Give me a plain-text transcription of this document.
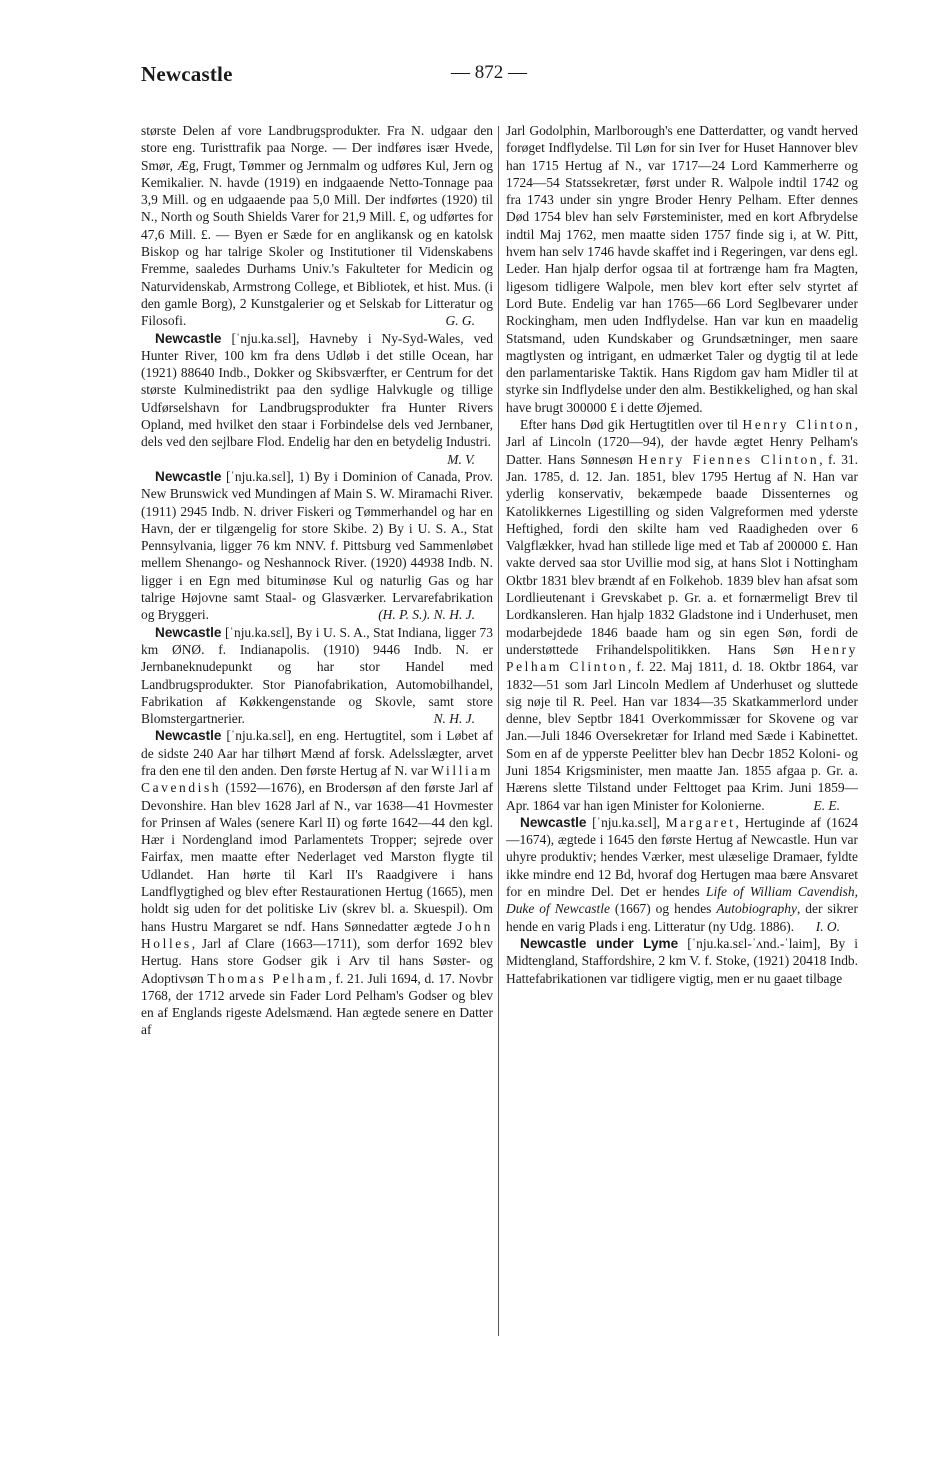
Newcastle	— 872 —

største Delen af vore Landbrugsprodukter. Fra N. udgaar den store eng. Turisttrafik paa Norge. — Der indføres især Hvede, Smør, Æg, Frugt, Tømmer og Jernmalm og udføres Kul, Jern og Kemikalier. N. havde (1919) en indgaaende Netto-Tonnage paa 3,9 Mill. og en udgaaende paa 5,0 Mill. Der indførtes (1920) til N., North og South Shields Varer for 21,9 Mill. £, og udførtes for 47,6 Mill. £. — Byen er Sæde for en anglikansk og en katolsk Biskop og har talrige Skoler og Institutioner til Videnskabens Fremme, saaledes Durhams Univ.'s Fakulteter for Medicin og Naturvidenskab, Armstrong College, et Bibliotek, et hist. Mus. (i den gamle Borg), 2 Kunstgalerier og et Selskab for Litteratur og Filosofi.	G. G.

Newcastle [ˈnju.ka.sɛl], Havneby i Ny-Syd-Wales, ved Hunter River, 100 km fra dens Udløb i det stille Ocean, har (1921) 88640 Indb., Dokker og Skibsværfter, er Centrum for det største Kulminedistrikt paa den sydlige Halvkugle og tillige Udførselshavn for Landbrugsprodukter fra Hunter Rivers Opland, med hvilket den staar i Forbindelse dels ved Jernbaner, dels ved den sejlbare Flod. Endelig har den en betydelig Industri.
M. V.

Newcastle [ˈnju.ka.sɛl], 1) By i Dominion of Canada, Prov. New Brunswick ved Mundingen af Main S. W. Miramachi River. (1911) 2945 Indb. N. driver Fiskeri og Tømmerhandel og har en Havn, der er tilgængelig for store Skibe. 2) By i U. S. A., Stat Pennsylvania, ligger 76 km NNV. f. Pittsburg ved Sammenløbet mellem Shenango- og Neshannock River. (1920) 44938 Indb. N. ligger i en Egn med bituminøse Kul og naturlig Gas og har talrige Højovne samt Staal- og Glasværker. Lervarefabrikation og Bryggeri.	(H. P. S.). N. H. J.

Newcastle [ˈnju.ka.sɛl], By i U. S. A., Stat Indiana, ligger 73 km ØNØ. f. Indianapolis. (1910) 9446 Indb. N. er Jernbaneknudepunkt og har stor Handel med Landbrugsprodukter. Stor Pianofabrikation, Automobilhandel, Fabrikation af Køkkengenstande og Skovle, samt store Blomstergartnerier.	N. H. J.

Newcastle [ˈnju.ka.sɛl], en eng. Hertugtitel, som i Løbet af de sidste 240 Aar har tilhørt Mænd af forsk. Adelsslægter, arvet fra den ene til den anden. Den første Hertug af N. var William Cavendish (1592—1676), en Brodersøn af den første Jarl af Devonshire. Han blev 1628 Jarl af N., var 1638—41 Hovmester for Prinsen af Wales (senere Karl II) og førte 1642—44 den kgl. Hær i Nordengland imod Parlamentets Tropper; sejrede over Fairfax, men maatte efter Nederlaget ved Marston flygte til Udlandet. Han hørte til Karl II's Raadgivere i hans Landflygtighed og blev efter Restaurationen Hertug (1665), men holdt sig uden for det politiske Liv (skrev bl. a. Skuespil). Om hans Hustru Margaret se ndf. Hans Sønnedatter ægtede John Holles, Jarl af Clare (1663—1711), som derfor 1692 blev Hertug. Hans store Godser gik i Arv til hans Søster- og Adoptivsøn Thomas Pelham, f. 21. Juli 1694, d. 17. Novbr 1768, der 1712 arvede sin Fader Lord Pelham's Godser og blev en af Englands rigeste Adelsmænd. Han ægtede senere en Datter af

Jarl Godolphin, Marlborough's ene Datterdatter, og vandt herved forøget Indflydelse. Til Løn for sin Iver for Huset Hannover blev han 1715 Hertug af N., var 1717—24 Lord Kammerherre og 1724—54 Statssekretær, først under R. Walpole indtil 1742 og fra 1743 under sin yngre Broder Henry Pelham. Efter dennes Død 1754 blev han selv Førsteminister, med en kort Afbrydelse indtil Maj 1762, men maatte siden 1757 finde sig i, at W. Pitt, hvem han selv 1746 havde skaffet ind i Regeringen, var dens egl. Leder. Han hjalp derfor ogsaa til at fortrænge ham fra Magten, ligesom tidligere Walpole, men blev kort efter selv styrtet af Lord Bute. Endelig var han 1765—66 Lord Seglbevarer under Rockingham, men uden Indflydelse. Han var kun en maadelig Statsmand, uden Kundskaber og Grundsætninger, men saare magtlysten og intrigant, en udmærket Taler og dygtig til at lede den parlamentariske Taktik. Hans Rigdom gav ham Midler til at styrke sin Indflydelse under den alm. Bestikkelighed, og han skal have brugt 300000 £ i dette Øjemed.

Efter hans Død gik Hertugtitlen over til Henry Clinton, Jarl af Lincoln (1720—94), der havde ægtet Henry Pelham's Datter. Hans Sønnesøn Henry Fiennes Clinton, f. 31. Jan. 1785, d. 12. Jan. 1851, blev 1795 Hertug af N. Han var yderlig konservativ, bekæmpede baade Dissenternes og Katolikkernes Ligestilling og siden Valgreformen med yderste Heftighed, fordi den skilte ham ved Raadigheden over 6 Valgflækker, hvad han stillede lige med et Tab af 200000 £. Han vakte derved saa stor Uvillie mod sig, at hans Slot i Nottingham Oktbr 1831 blev brændt af en Folkehob. 1839 blev han afsat som Lordlieutenant i Grevskabet p. Gr. a. et fornærmeligt Brev til Lordkansleren. Han hjalp 1832 Gladstone ind i Underhuset, men modarbejdede 1846 baade ham og sin egen Søn, fordi de understøttede Frihandelspolitikken. Hans Søn Henry Pelham Clinton, f. 22. Maj 1811, d. 18. Oktbr 1864, var 1832—51 som Jarl Lincoln Medlem af Underhuset og sluttede sig nøje til R. Peel. Han var 1834—35 Skatkammerlord under denne, blev Septbr 1841 Overkommissær for Skovene og var Jan.—Juli 1846 Oversekretær for Irland med Sæde i Kabinettet. Som en af de ypperste Peelitter blev han Decbr 1852 Koloni- og Juni 1854 Krigsminister, men maatte Jan. 1855 afgaa p. Gr. a. Hærens slette Tilstand under Felttoget paa Krim. Juni 1859—Apr. 1864 var han igen Minister for Kolonierne.	E. E.

Newcastle [ˈnju.ka.sɛl], Margaret, Hertuginde af (1624—1674), ægtede i 1645 den første Hertug af Newcastle. Hun var uhyre produktiv; hendes Værker, mest ulæselige Dramaer, fyldte ikke mindre end 12 Bd, hvoraf dog Hertugen maa bære Ansvaret for en mindre Del. Det er hendes Life of William Cavendish, Duke of Newcastle (1667) og hendes Autobiography, der sikrer hende en varig Plads i eng. Litteratur (ny Udg. 1886).	I. O.

Newcastle under Lyme [ˈnju.ka.sɛl-ˈʌnd.-ˈlaim], By i Midtengland, Staffordshire, 2 km V. f. Stoke, (1921) 20418 Indb. Hattefabrikationen var tidligere vigtig, men er nu gaaet tilbage
